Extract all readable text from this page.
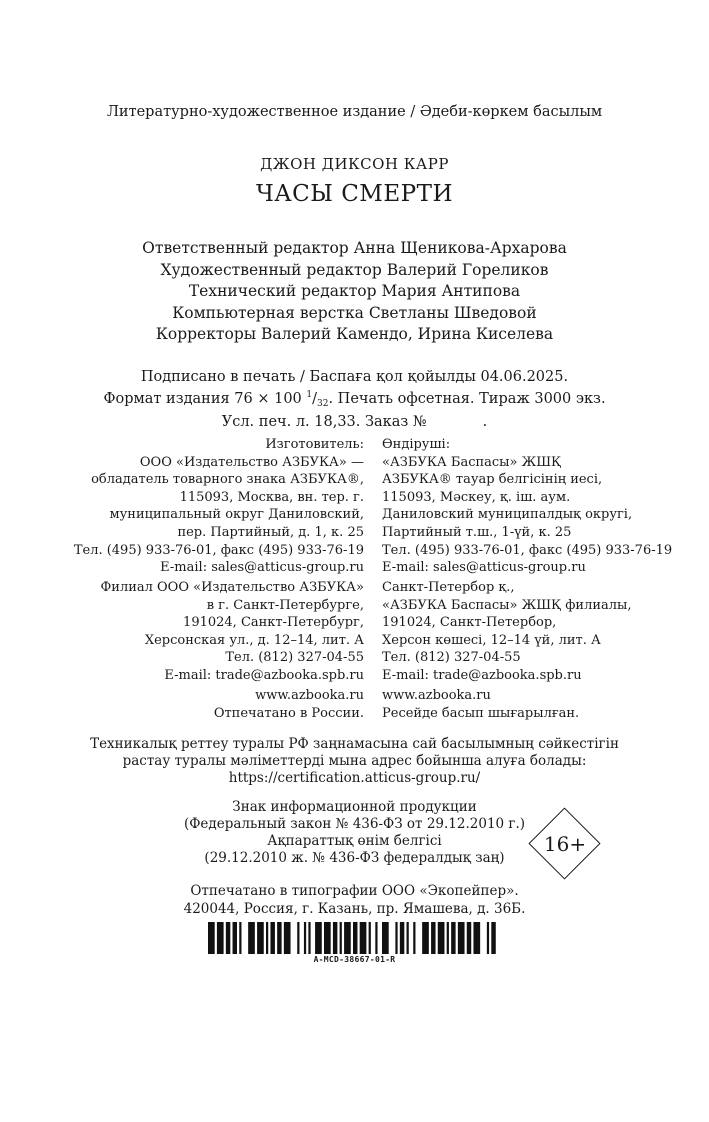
Литературно-художественное издание / Әдеби-көркем басылым
ДЖОН ДИКСОН КАРР
ЧАСЫ СМЕРТИ
Ответственный редактор Анна Щеникова-Архарова
Художественный редактор Валерий Гореликов
Технический редактор Мария Антипова
Компьютерная верстка Светланы Шведовой
Корректоры Валерий Камендо, Ирина Киселева
Подписано в печать / Баспаға қол қойылды 04.06.2025.
Формат издания 76 × 100 $^1/_{32}$. Печать офсетная. Тираж 3000 экз.
Усл. печ. л. 18,33. Заказ №	.
Изготовитель:
ООО «Издательство АЗБУКА» —
обладатель товарного знака АЗБУКА®,
115093, Москва, вн. тер. г.
муниципальный округ Даниловский,
пер. Партийный, д. 1, к. 25
Тел. (495) 933-76-01, факс (495) 933-76-19
E-mail: sales@atticus-group.ru
Өндіруші:
«АЗБУКА Баспасы» ЖШҚ
АЗБУКА® тауар белгісінің иесі,
115093, Мәскеу, қ. іш. аум.
Даниловский муниципалдық округі,
Партийный т.ш., 1-үй, к. 25
Тел. (495) 933-76-01, факс (495) 933-76-19
E-mail: sales@atticus-group.ru
Филиал ООО «Издательство АЗБУКА»
в г. Санкт-Петербурге,
191024, Санкт-Петербург,
Херсонская ул., д. 12–14, лит. А
Тел. (812) 327-04-55
E-mail: trade@azbooka.spb.ru
Санкт-Петербор қ.,
«АЗБУКА Баспасы» ЖШҚ филиалы,
191024, Санкт-Петербор,
Херсон көшесі, 12–14 үй, лит. А
Тел. (812) 327-04-55
E-mail: trade@azbooka.spb.ru
www.azbooka.ru
Отпечатано в России.
www.azbooka.ru
Ресейде басып шығарылған.
Техникалық реттеу туралы РФ заңнамасына сай басылымның сәйкестігін
растау туралы мәліметтерді мына адрес бойынша алуға болады:
https://certification.atticus-group.ru/
Знак информационной продукции
(Федеральный закон № 436-ФЗ от 29.12.2010 г.)
Ақпараттық өнім белгісі
(29.12.2010 ж. № 436-ФЗ федералдық заң)
16+
Отпечатано в типографии ООО «Экопейпер».
420044, Россия, г. Казань, пр. Ямашева, д. 36Б.
A-MCD-38667-01-R
